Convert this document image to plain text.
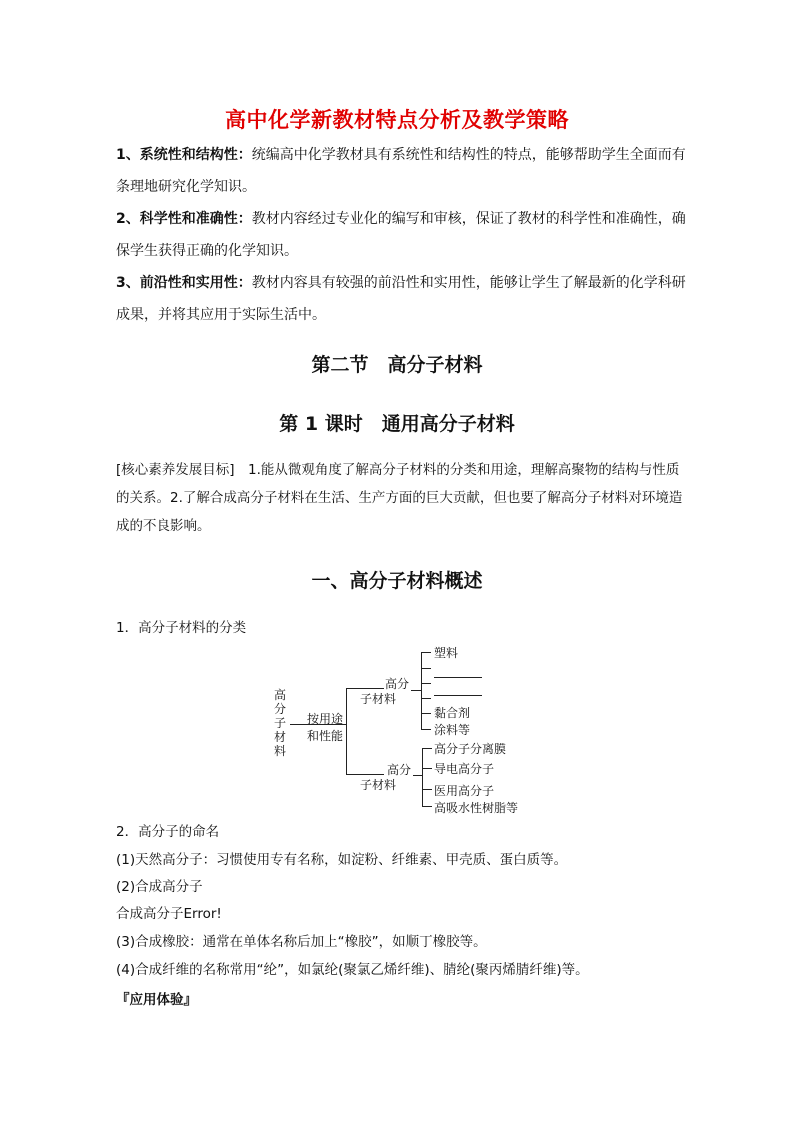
高中化学新教材特点分析及教学策略
1、系统性和结构性：统编高中化学教材具有系统性和结构性的特点，能够帮助学生全面而有条理地研究化学知识。
2、科学性和准确性：教材内容经过专业化的编写和审核，保证了教材的科学性和准确性，确保学生获得正确的化学知识。
3、前沿性和实用性：教材内容具有较强的前沿性和实用性，能够让学生了解最新的化学科研成果，并将其应用于实际生活中。
第二节　高分子材料
第 1 课时　通用高分子材料
[核心素养发展目标]　1.能从微观角度了解高分子材料的分类和用途，理解高聚物的结构与性质的关系。2.了解合成高分子材料在生活、生产方面的巨大贡献，但也要了解高分子材料对环境造成的不良影响。
一、高分子材料概述
1．高分子材料的分类
高分子材料
按用途
和性能
高分
子材料
塑料
黏合剂
涂料等
高分
子材料
高分子分离膜
导电高分子
医用高分子
高吸水性树脂等
2．高分子的命名
(1)天然高分子：习惯使用专有名称，如淀粉、纤维素、甲壳质、蛋白质等。
(2)合成高分子
合成高分子Error!
(3)合成橡胶：通常在单体名称后加上“橡胶”，如顺丁橡胶等。
(4)合成纤维的名称常用“纶”，如氯纶(聚氯乙烯纤维)、腈纶(聚丙烯腈纤维)等。
『应用体验』
